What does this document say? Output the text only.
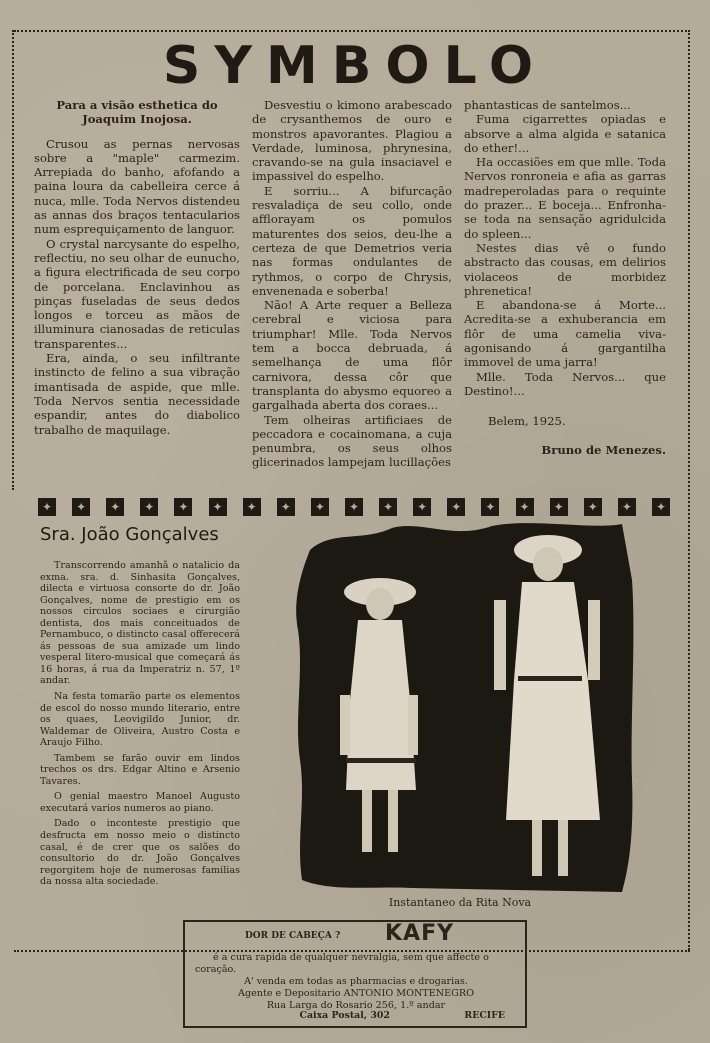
SYMBOLO

Para a visão esthetica do Joaquim Inojosa.

Crusou as pernas nervosas sobre a "maple" carmezim. Arrepiada do banho, afofando a paina loura da cabelleira cerce á nuca, mlle. Toda Nervos distendeu as annas dos braços tentacularios num esprequiçamento de languor.

O crystal narcysante do espelho, reflectiu, no seu olhar de eunucho, a figura electrificada de seu corpo de porcelana. Enclavinhou as pinças fuseladas de seus dedos longos e torceu as mãos de illuminura cianosadas de reticulas transparentes...

Era, ainda, o seu infiltrante instincto de felino a sua vibração imantisada de aspide, que mlle. Toda Nervos sentia necessidade espandir, antes do diabolico trabalho de maquilage.

Desvestiu o kimono arabescado de crysanthemos de ouro e monstros apavorantes. Plagiou a Verdade, luminosa, phrynesina, cravando-se na gula insaciavel e impassivel do espelho.

E sorriu... A bifurcação resvaladiça de seu collo, onde afflorayam os pomulos maturentes dos seios, deu-lhe a certeza de que Demetrios veria nas formas ondulantes de rythmos, o corpo de Chrysis, envenenada e soberba!

Não! A Arte requer a Belleza cerebral e viciosa para triumphar! Mlle. Toda Nervos tem a bocca debruada, á semelhança de uma flôr carnivora, dessa côr que transplanta do abysmo equoreo a gargalhada aberta dos coraes...

Tem olheiras artificiaes de peccadora e cocainomana, a cuja penumbra, os seus olhos glicerinados lampejam lucillações

phantasticas de santelmos...

Fuma cigarrettes opiadas e absorve a alma algida e satanica do ether!...

Ha occasiões em que mlle. Toda Nervos ronroneia e afia as garras madreperoladas para o requinte do prazer... E boceja... Enfronha-se toda na sensação agridulcida do spleen...

Nestes dias vê o fundo abstracto das cousas, em delirios violaceos de morbidez phrenetica!

E abandona-se á Morte... Acredita-se a exhuberancia em flôr de uma camelia viva-agonisando á gargantilha immovel de uma jarra!

Mlle. Toda Nervos... que Destino!...

Belem, 1925.

Bruno de Menezes.

✦	✦	✦	✦	✦	✦	✦	✦	✦	✦	✦	✦	✦	✦	✦	✦	✦	✦	✦
Sra. João Gonçalves

Transcorrendo amanhã o natalicio da exma. sra. d. Sinhasita Gonçalves, dilecta e virtuosa consorte do dr. João Gonçalves, nome de prestigio em os nossos circulos sociaes e cirurgião dentista, dos mais conceituados de Pernambuco, o distincto casal offerecerá ás pessoas de sua amizade um lindo vesperal litero-musical que começará ás 16 horas, á rua da Imperatriz n. 57, 1º andar.

Na festa tomarão parte os elementos de escol do nosso mundo literario, entre os quaes, Leovigildo Junior, dr. Waldemar de Oliveira, Austro Costa e Araujo Filho.

Tambem se farão ouvir em lindos trechos os drs. Edgar Altino e Arsenio Tavares.

O genial maestro Manoel Augusto executará varios numeros ao piano.

Dado o inconteste prestigio que desfructa em nosso meio o distincto casal, é de crer que os salões do consultorio do dr. João Gonçalves regorgitem hoje de numerosas familias da nossa alta sociedade.

Instantaneo da Rita Nova
DOR DE CABEÇA ? KAFY
é a cura rapida de qualquer nevralgia, sem que affecte o coração.
A' venda em todas as pharmacias e drogarias.
Agente e Depositario ANTONIO MONTENEGRO
Rua Larga do Rosario 256, 1.º andar
Caixa Postal, 302	RECIFE
